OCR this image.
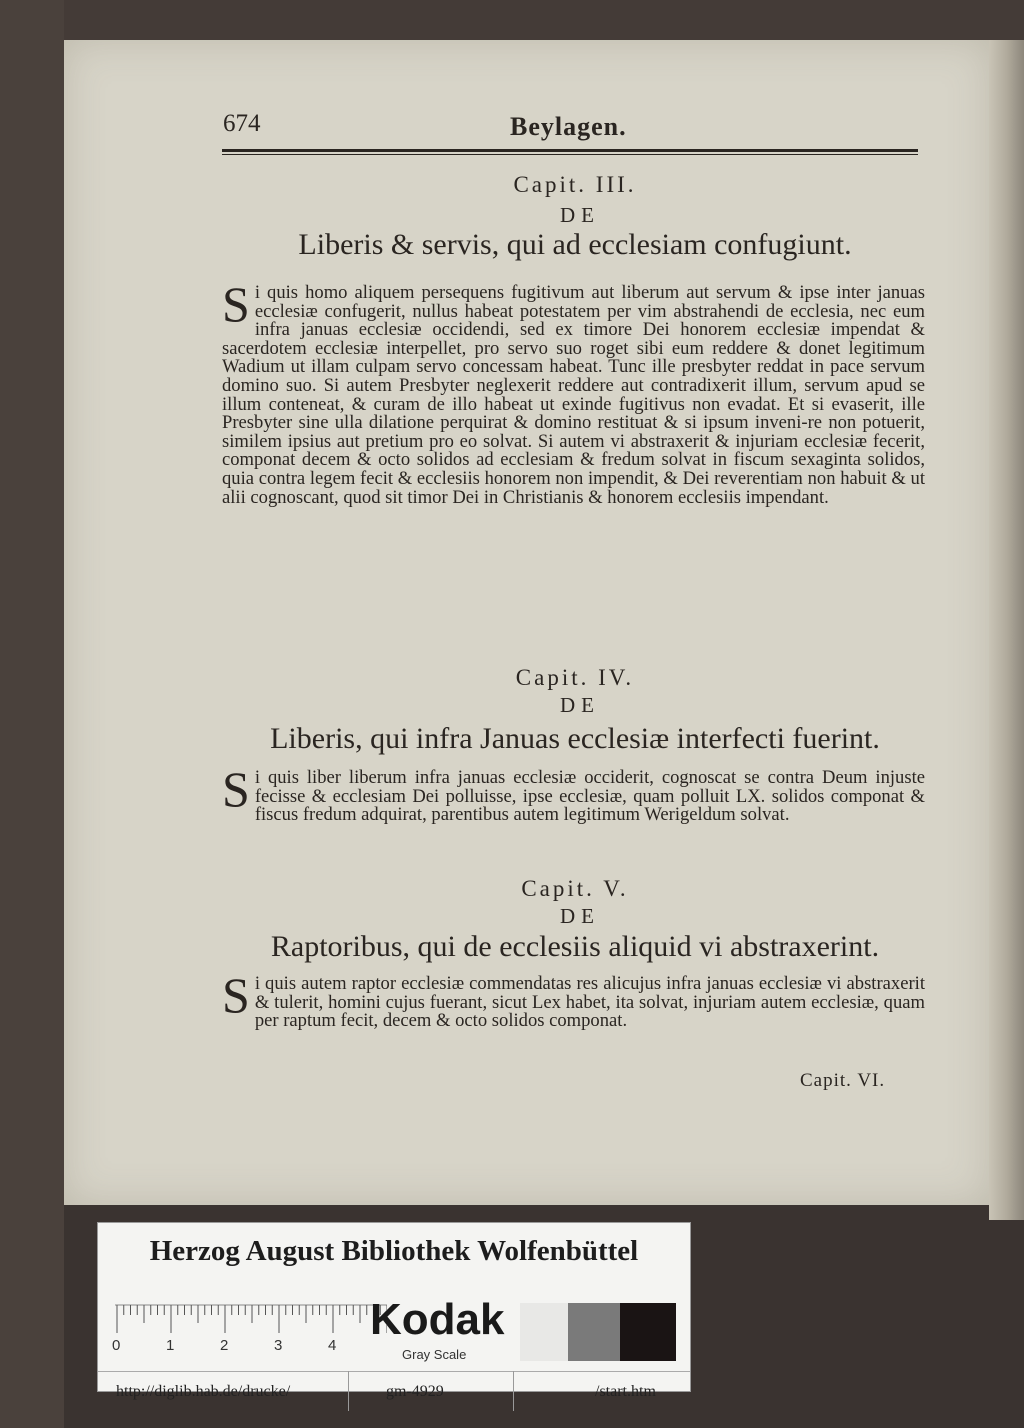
674	Beylagen.
Capit. III.
DE
Liberis & servis, qui ad ecclesiam confugiunt.
Si quis homo aliquem persequens fugitivum aut liberum aut servum & ipse inter januas ecclesiæ confugerit, nullus habeat potestatem per vim abstrahendi de ecclesia, nec eum infra januas ecclesiæ occidendi, sed ex timore Dei honorem ecclesiæ impendat & sacerdotem ecclesiæ interpellet, pro servo suo roget sibi eum reddere & donet legitimum Wadium ut illam culpam servo concessam habeat. Tunc ille presbyter reddat in pace servum domino suo. Si autem Presbyter neglexerit reddere aut contradixerit illum, servum apud se illum conteneat, & curam de illo habeat ut exinde fugitivus non evadat. Et si evaserit, ille Presbyter sine ulla dilatione perquirat & domino restituat & si ipsum inveni-re non potuerit, similem ipsius aut pretium pro eo solvat. Si autem vi abstraxerit & injuriam ecclesiæ fecerit, componat decem & octo solidos ad ecclesiam & fredum solvat in fiscum sexaginta solidos, quia contra legem fecit & ecclesiis honorem non impendit, & Dei reverentiam non habuit & ut alii cognoscant, quod sit timor Dei in Christianis & honorem ecclesiis impendant.
Capit. IV.
DE
Liberis, qui infra Januas ecclesiæ interfecti fuerint.
Si quis liber liberum infra januas ecclesiæ occiderit, cognoscat se contra Deum injuste fecisse & ecclesiam Dei polluisse, ipse ecclesiæ, quam polluit LX. solidos componat & fiscus fredum adquirat, parentibus autem legitimum Werigeldum solvat.
Capit. V.
DE
Raptoribus, qui de ecclesiis aliquid vi abstraxerint.
Si quis autem raptor ecclesiæ commendatas res alicujus infra januas ecclesiæ vi abstraxerit & tulerit, homini cujus fuerant, sicut Lex habet, ita solvat, injuriam autem ecclesiæ, quam per raptum fecit, decem & octo solidos componat.
Capit. VI.
Herzog August Bibliothek Wolfenbüttel
0	1	2	3	4
Kodak
Gray Scale
http://diglib.hab.de/drucke/	gm-4929	/start.htm
